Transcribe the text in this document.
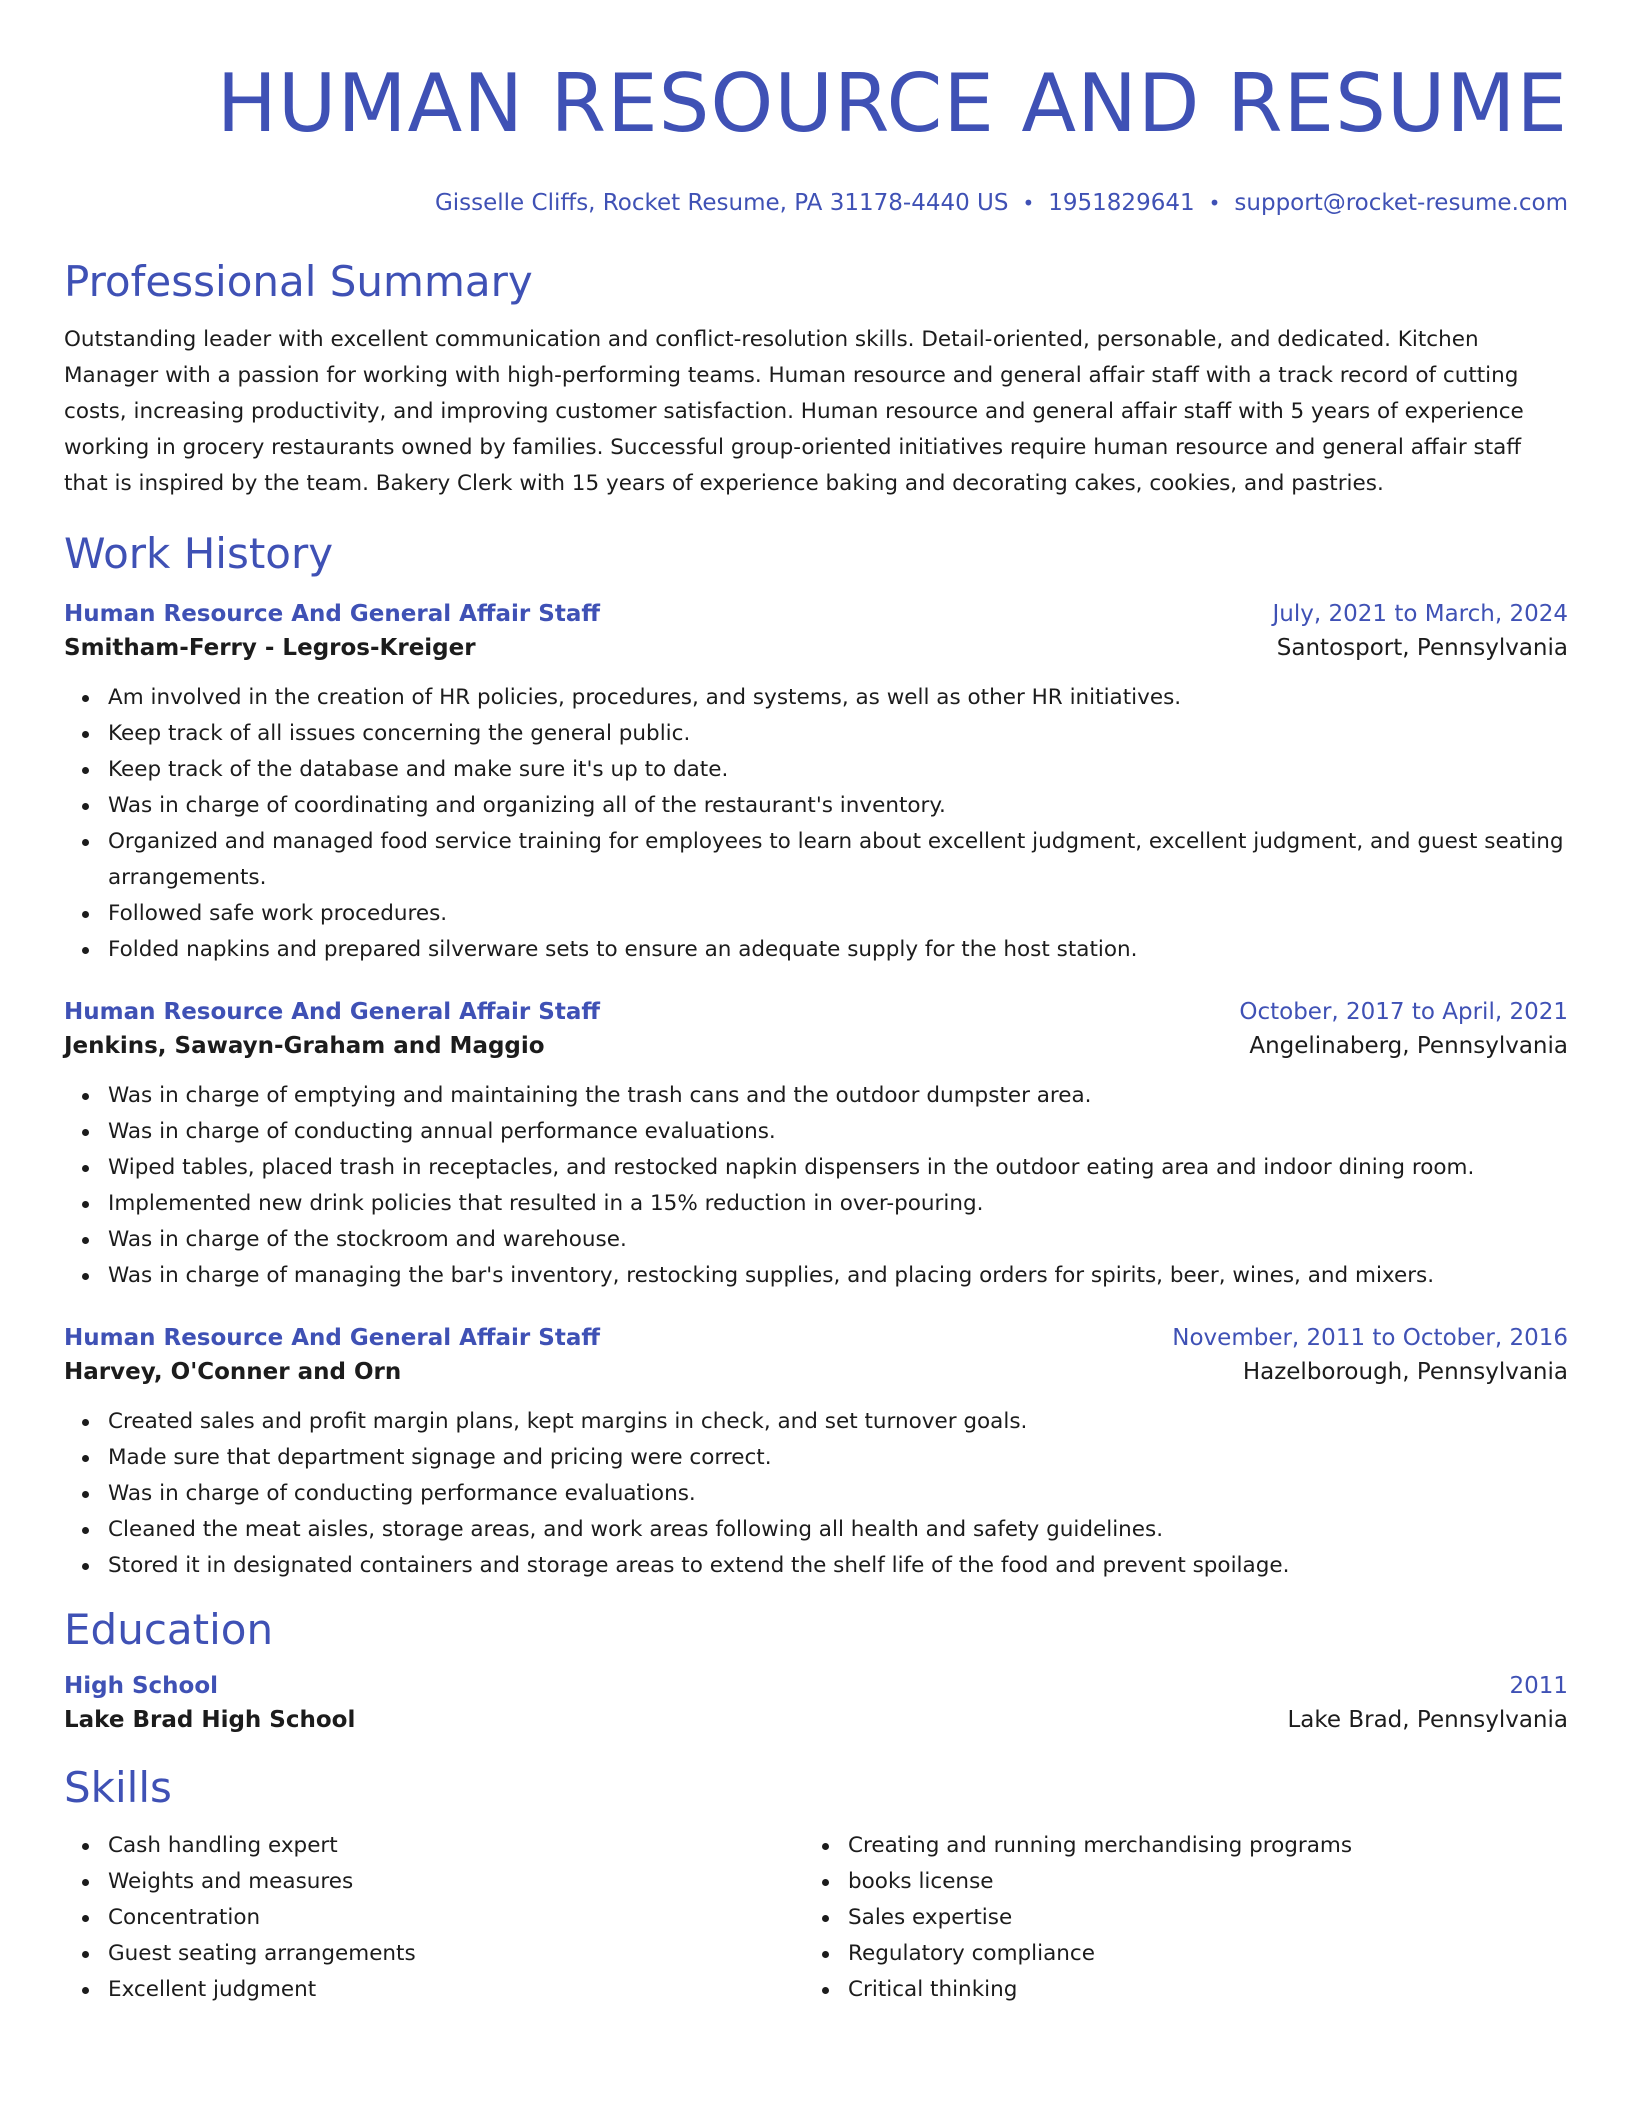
HUMAN RESOURCE AND RESUME
Gisselle Cliffs, Rocket Resume, PA 31178-4440 US • 1951829641 • support@rocket-resume.com
Professional Summary

Outstanding leader with excellent communication and conflict-resolution skills. Detail-oriented, personable, and dedicated. Kitchen Manager with a passion for working with high-performing teams. Human resource and general affair staff with a track record of cutting costs, increasing productivity, and improving customer satisfaction. Human resource and general affair staff with 5 years of experience working in grocery restaurants owned by families. Successful group-oriented initiatives require human resource and general affair staff that is inspired by the team. Bakery Clerk with 15 years of experience baking and decorating cakes, cookies, and pastries.

Work History
Human Resource And General Affair Staff	July, 2021 to March, 2024
Smitham-Ferry - Legros-Kreiger	Santosport, Pennsylvania
Am involved in the creation of HR policies, procedures, and systems, as well as other HR initiatives.
Keep track of all issues concerning the general public.
Keep track of the database and make sure it's up to date.
Was in charge of coordinating and organizing all of the restaurant's inventory.
Organized and managed food service training for employees to learn about excellent judgment, excellent judgment, and guest seating arrangements.
Followed safe work procedures.
Folded napkins and prepared silverware sets to ensure an adequate supply for the host station.
Human Resource And General Affair Staff	October, 2017 to April, 2021
Jenkins, Sawayn-Graham and Maggio	Angelinaberg, Pennsylvania
Was in charge of emptying and maintaining the trash cans and the outdoor dumpster area.
Was in charge of conducting annual performance evaluations.
Wiped tables, placed trash in receptacles, and restocked napkin dispensers in the outdoor eating area and indoor dining room.
Implemented new drink policies that resulted in a 15% reduction in over-pouring.
Was in charge of the stockroom and warehouse.
Was in charge of managing the bar's inventory, restocking supplies, and placing orders for spirits, beer, wines, and mixers.
Human Resource And General Affair Staff	November, 2011 to October, 2016
Harvey, O'Conner and Orn	Hazelborough, Pennsylvania
Created sales and profit margin plans, kept margins in check, and set turnover goals.
Made sure that department signage and pricing were correct.
Was in charge of conducting performance evaluations.
Cleaned the meat aisles, storage areas, and work areas following all health and safety guidelines.
Stored it in designated containers and storage areas to extend the shelf life of the food and prevent spoilage.
Education
High School	2011
Lake Brad High School	Lake Brad, Pennsylvania
Skills
Cash handling expert
Weights and measures
Concentration
Guest seating arrangements
Excellent judgment
Creating and running merchandising programs
books license
Sales expertise
Regulatory compliance
Critical thinking
